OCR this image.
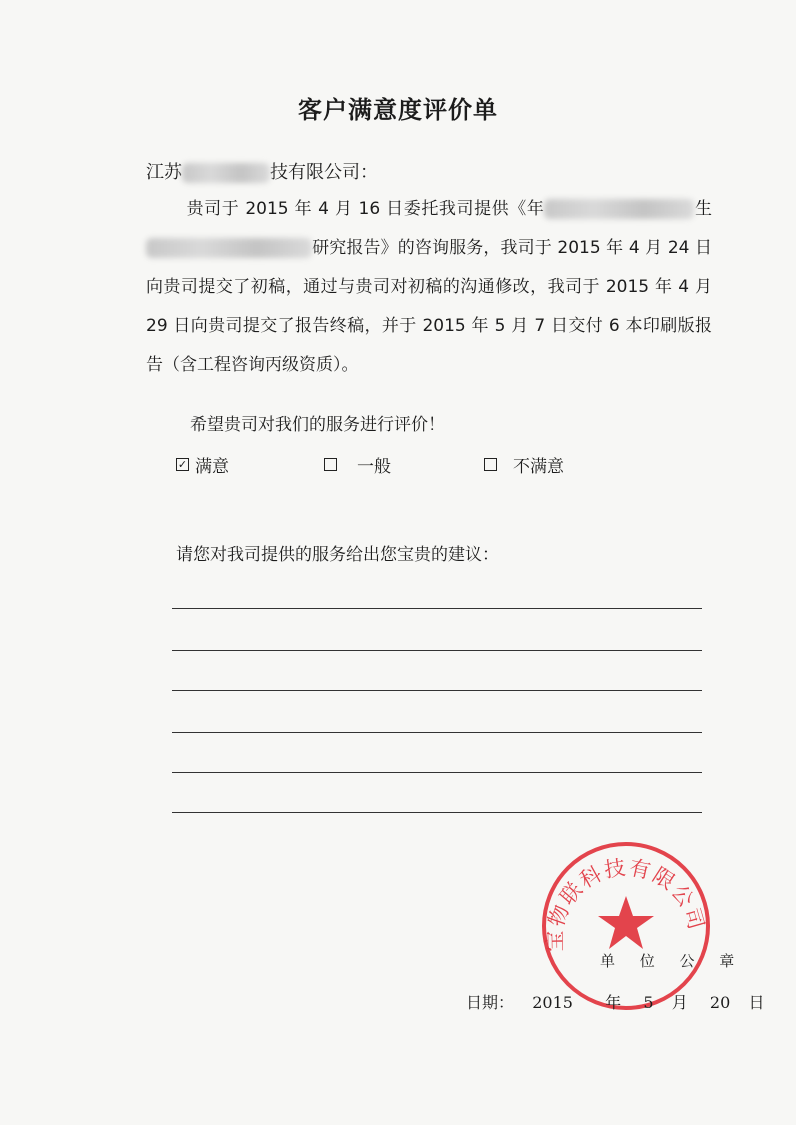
客户满意度评价单
江苏	技有限公司：
贵司于 2015 年 4 月 16 日委托我司提供《年	生 研究报告》的咨询服务，我司于 2015 年 4 月 24 日向贵司提交了初稿，通过与贵司对初稿的沟通修改，我司于 2015 年 4 月 29 日向贵司提交了报告终稿，并于 2015 年 5 月 7 日交付 6 本印刷版报告（含工程咨询丙级资质）。
希望贵司对我们的服务进行评价！
✓ 满意	一般	不满意
请您对我司提供的服务给出您宝贵的建议：
宝物联科技有限公司
单 位 公 章
日期： 2015 年 5 月 20 日
